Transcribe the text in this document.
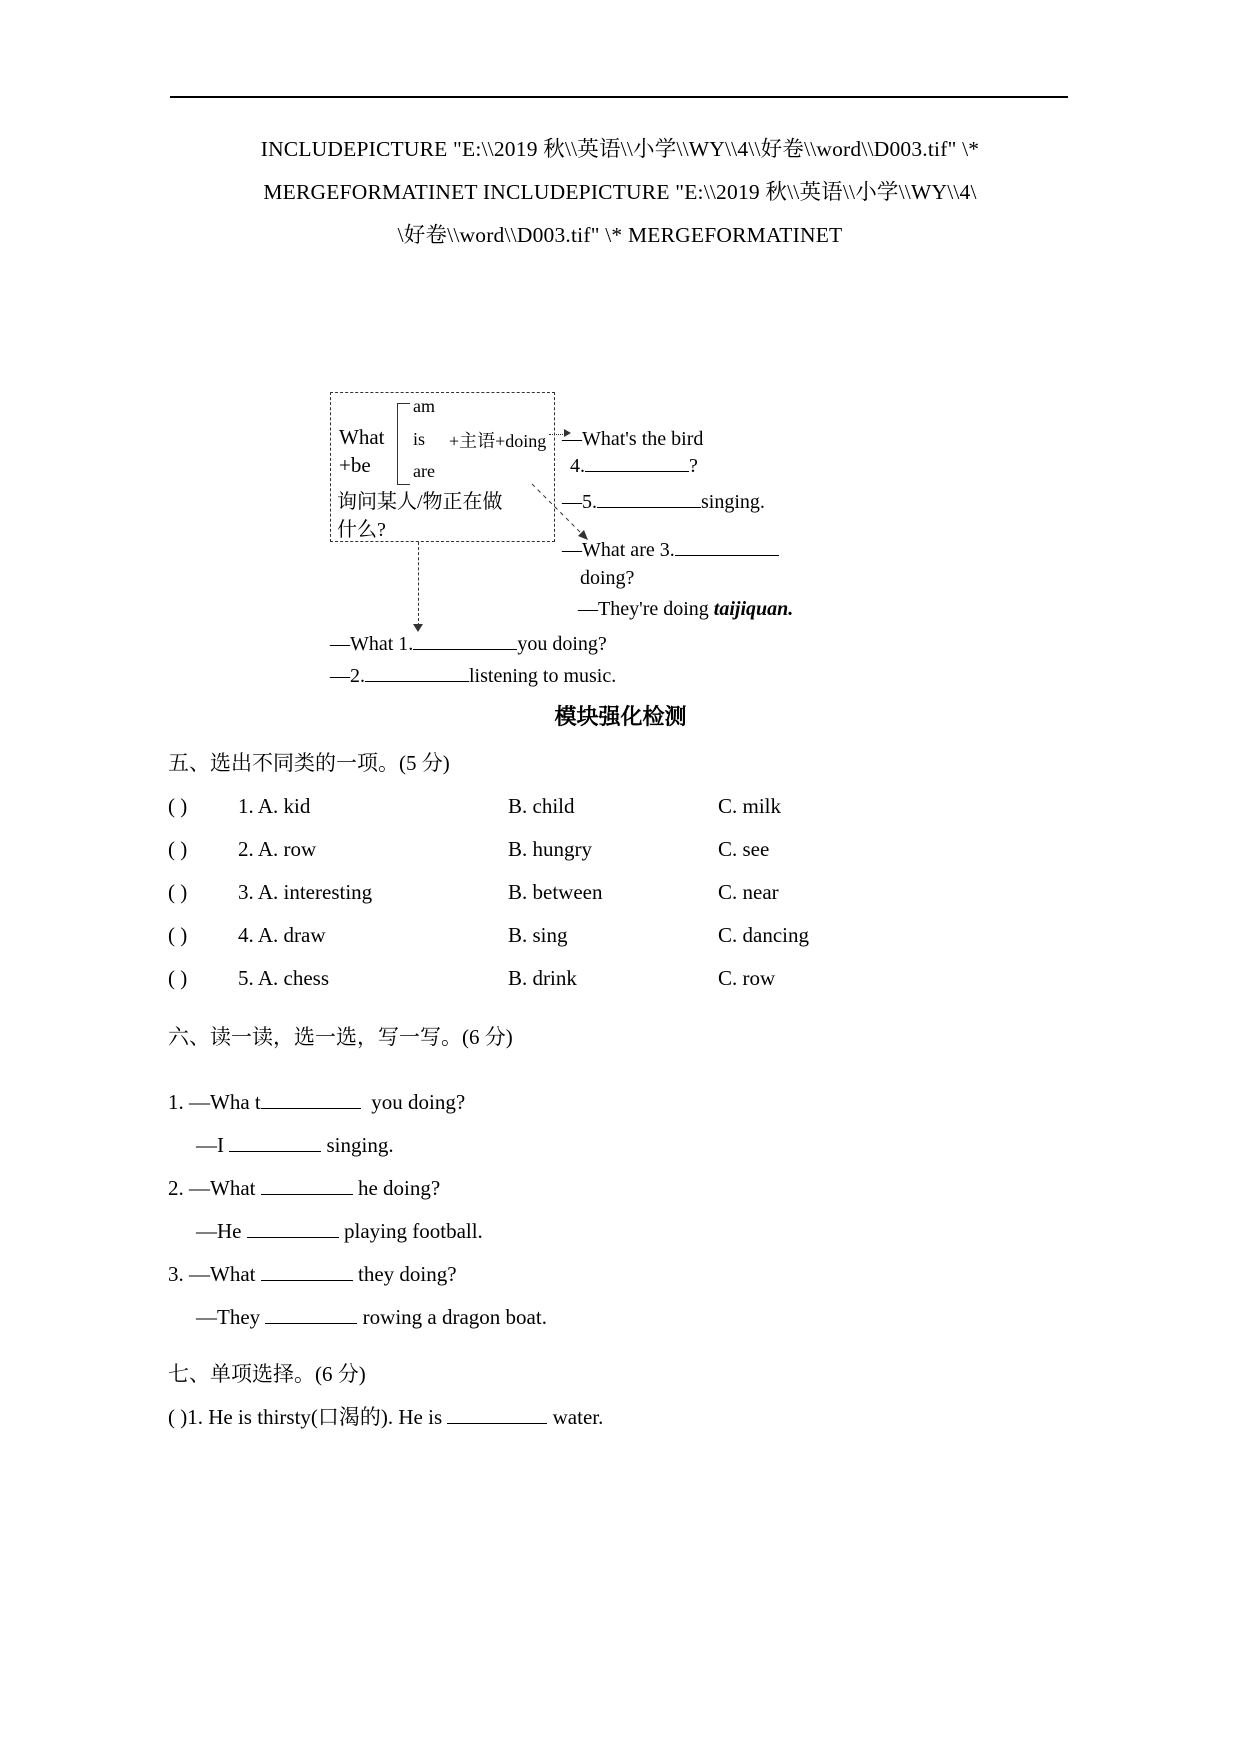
INCLUDEPICTURE "E:\\2019 秋\\英语\\小学\\WY\\4\\好卷\\word\\D003.tif" \*
MERGEFORMATINET INCLUDEPICTURE "E:\\2019 秋\\英语\\小学\\WY\\4\
\好卷\\word\\D003.tif" \* MERGEFORMATINET
What
+be
am
is
are
+主语+doing
询问某人/物正在做
什么?
—What's the bird
4.	?
—5.	singing.
—What are 3.
doing?
—They're doing taijiquan.
—What 1.	you doing?
—2.	listening to music.
模块强化检测
五、选出不同类的一项。(5 分)
( )	1. A. kid	B. child	C. milk
( )	2. A. row	B. hungry	C. see
( )	3. A. interesting	B. between	C. near
( )	4. A. draw	B. sing	C. dancing
( )	5. A. chess	B. drink	C. row
六、读一读，选一选，写一写。(6 分)
1. —Wha t	you doing?
—I	singing.
2. —What	he doing?
—He	playing football.
3. —What	they doing?
—They	rowing a dragon boat.
七、单项选择。(6 分)
( )1. He is thirsty(口渴的). He is	water.
